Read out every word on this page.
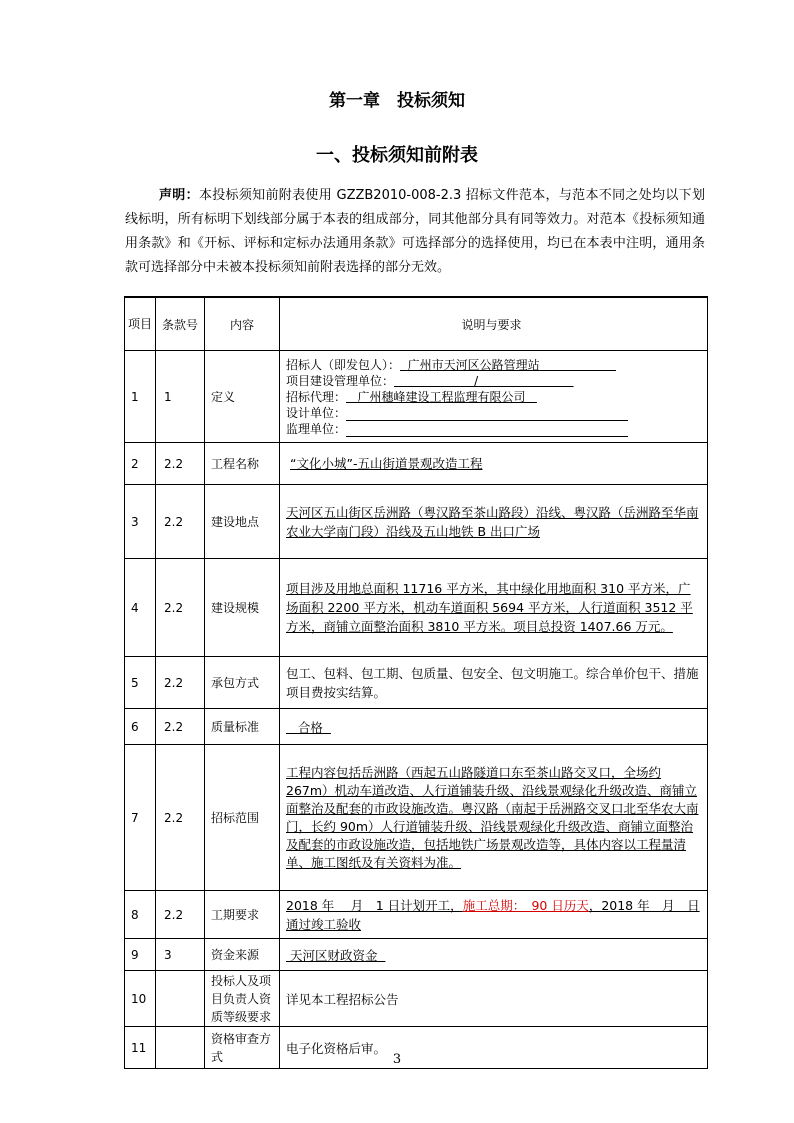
第一章　投标须知
一、投标须知前附表
声明：本投标须知前附表使用 GZZB2010-008-2.3 招标文件范本，与范本不同之处均以下划线标明，所有标明下划线部分属于本表的组成部分，同其他部分具有同等效力。对范本《投标须知通用条款》和《开标、评标和定标办法通用条款》可选择部分的选择使用，均已在本表中注明，通用条款可选择部分中未被本投标须知前附表选择的部分无效。
项目	条款号	内容	说明与要求
1	1	定义	招标人（即发包人）： 广州市天河区公路管理站
项目建设管理单位： /
招标代理： 广州穗峰建设工程监理有限公司
设计单位：
监理单位：

2	2.2	工程名称	“文化小城”-五山街道景观改造工程
3	2.2	建设地点	天河区五山街区岳洲路（粤汉路至茶山路段）沿线、粤汉路（岳洲路至华南农业大学南门段）沿线及五山地铁 B 出口广场

4	2.2	建设规模	项目涉及用地总面积 11716 平方米，其中绿化用地面积 310 平方米，广场面积 2200 平方米，机动车道面积 5694 平方米，人行道面积 3512 平方米，商铺立面整治面积 3810 平方米。项目总投资 1407.66 万元。

5	2.2	承包方式	包工、包料、包工期、包质量、包安全、包文明施工。综合单价包干、措施项目费按实结算。

6	2.2	质量标准	合格
7	2.2	招标范围	工程内容包括岳洲路（西起五山路隧道口东至茶山路交叉口，全场约 267m）机动车道改造、人行道铺装升级、沿线景观绿化升级改造、商铺立面整治及配套的市政设施改造。粤汉路（南起于岳洲路交叉口北至华农大南门，长约 90m）人行道铺装升级、沿线景观绿化升级改造、商铺立面整治及配套的市政设施改造，包括地铁广场景观改造等，具体内容以工程量清单、施工图纸及有关资料为准。

8	2.2	工期要求	2018 年　 月　1 日计划开工，施工总期：　90 日历天，2018 年　月　日通过竣工验收

9	3	资金来源	天河区财政资金
10		投标人及项目负责人资质等级要求	详见本工程招标公告
11		资格审查方式	电子化资格后审。
3
